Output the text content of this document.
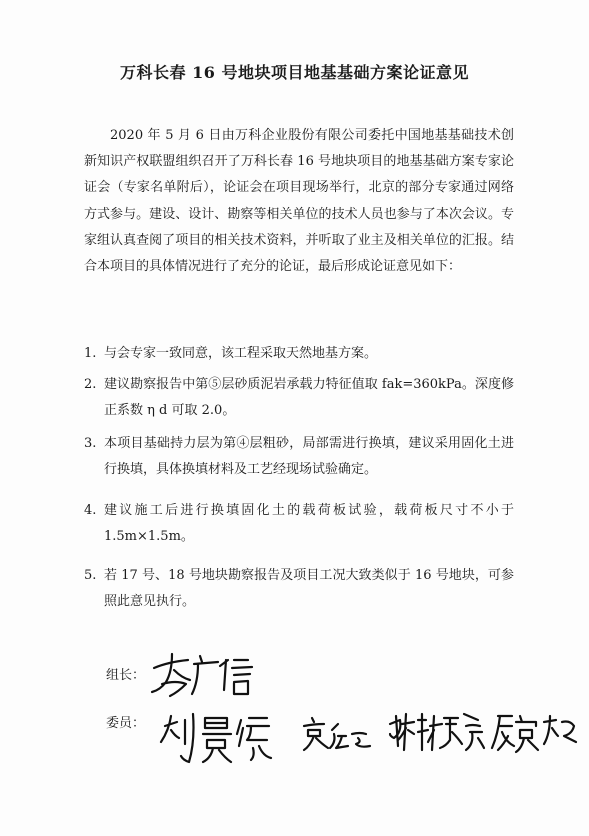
万科长春 16 号地块项目地基基础方案论证意见
2020 年 5 月 6 日由万科企业股份有限公司委托中国地基基础技术创新知识产权联盟组织召开了万科长春 16 号地块项目的地基基础方案专家论证会（专家名单附后），论证会在项目现场举行，北京的部分专家通过网络方式参与。建设、设计、勘察等相关单位的技术人员也参与了本次会议。专家组认真查阅了项目的相关技术资料，并听取了业主及相关单位的汇报。结合本项目的具体情况进行了充分的论证，最后形成论证意见如下：
1. 与会专家一致同意，该工程采取天然地基方案。
2. 建议勘察报告中第⑤层砂质泥岩承载力特征值取 fak=360kPa。深度修正系数 η d 可取 2.0。
3. 本项目基础持力层为第④层粗砂，局部需进行换填，建议采用固化土进行换填，具体换填材料及工艺经现场试验确定。
4. 建议施工后进行换填固化土的载荷板试验，载荷板尺寸不小于 1.5m×1.5m。
5. 若 17 号、18 号地块勘察报告及项目工况大致类似于 16 号地块，可参照此意见执行。
组长：
委员：
